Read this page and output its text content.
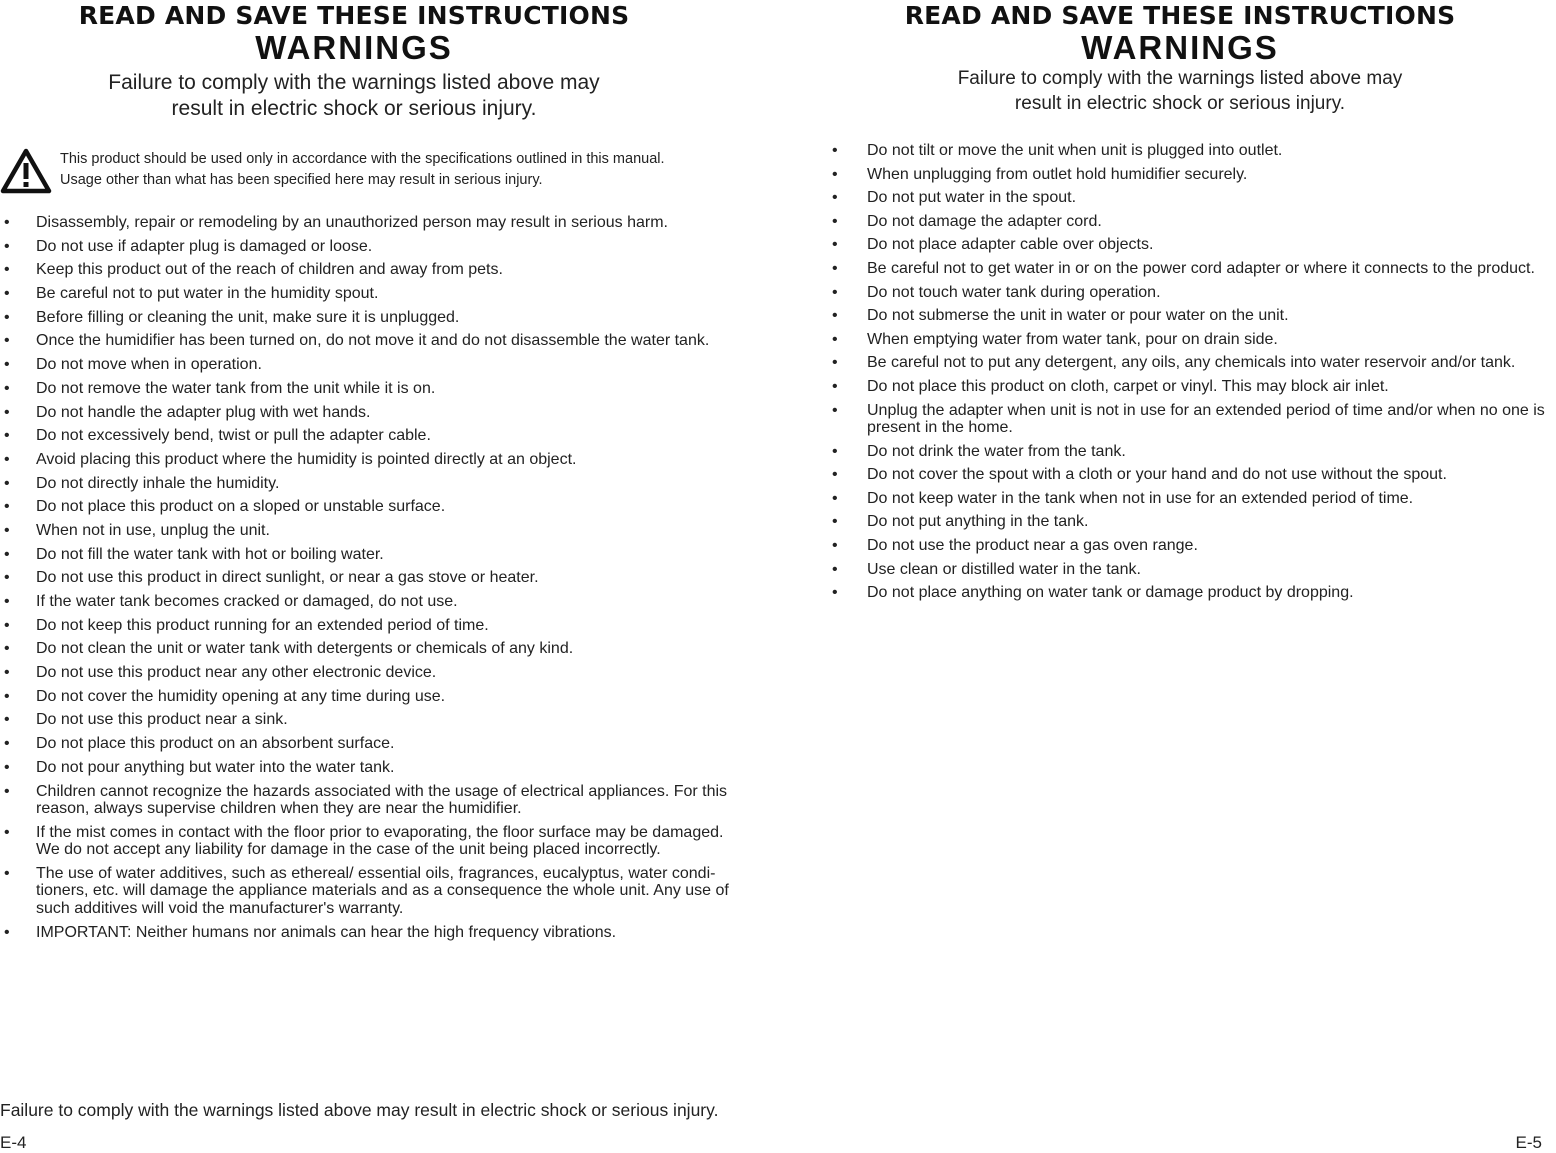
READ AND SAVE THESE INSTRUCTIONS
WARNINGS

Failure to comply with the warnings listed above may
result in electric shock or serious injury.

This product should be used only in accordance with the specifications outlined in this manual.
Usage other than what has been specified here may result in serious injury.

• Disassembly, repair or remodeling by an unauthorized person may result in serious harm.
• Do not use if adapter plug is damaged or loose.
• Keep this product out of the reach of children and away from pets.
• Be careful not to put water in the humidity spout.
• Before filling or cleaning the unit, make sure it is unplugged.
• Once the humidifier has been turned on, do not move it and do not disassemble the water tank.
• Do not move when in operation.
• Do not remove the water tank from the unit while it is on.
• Do not handle the adapter plug with wet hands.
• Do not excessively bend, twist or pull the adapter cable.
• Avoid placing this product where the humidity is pointed directly at an object.
• Do not directly inhale the humidity.
• Do not place this product on a sloped or unstable surface.
• When not in use, unplug the unit.
• Do not fill the water tank with hot or boiling water.
• Do not use this product in direct sunlight, or near a gas stove or heater.
• If the water tank becomes cracked or damaged, do not use.
• Do not keep this product running for an extended period of time.
• Do not clean the unit or water tank with detergents or chemicals of any kind.
• Do not use this product near any other electronic device.
• Do not cover the humidity opening at any time during use.
• Do not use this product near a sink.
• Do not place this product on an absorbent surface.
• Do not pour anything but water into the water tank.
• Children cannot recognize the hazards associated with the usage of electrical appliances. For this reason, always supervise children when they are near the humidifier.
• If the mist comes in contact with the floor prior to evaporating, the floor surface may be damaged. We do not accept any liability for damage in the case of the unit being placed incorrectly.
• The use of water additives, such as ethereal/ essential oils, fragrances, eucalyptus, water condi-tioners, etc. will damage the appliance materials and as a consequence the whole unit. Any use of such additives will void the manufacturer's warranty.
• IMPORTANT: Neither humans nor animals can hear the high frequency vibrations.

Failure to comply with the warnings listed above may result in electric shock or serious injury.

E-4

READ AND SAVE THESE INSTRUCTIONS
WARNINGS

Failure to comply with the warnings listed above may
result in electric shock or serious injury.

• Do not tilt or move the unit when unit is plugged into outlet.
• When unplugging from outlet hold humidifier securely.
• Do not put water in the spout.
• Do not damage the adapter cord.
• Do not place adapter cable over objects.
• Be careful not to get water in or on the power cord adapter or where it connects to the product.
• Do not touch water tank during operation.
• Do not submerse the unit in water or pour water on the unit.
• When emptying water from water tank, pour on drain side.
• Be careful not to put any detergent, any oils, any chemicals into water reservoir and/or tank.
• Do not place this product on cloth, carpet or vinyl. This may block air inlet.
• Unplug the adapter when unit is not in use for an extended period of time and/or when no one is present in the home.
• Do not drink the water from the tank.
• Do not cover the spout with a cloth or your hand and do not use without the spout.
• Do not keep water in the tank when not in use for an extended period of time.
• Do not put anything in the tank.
• Do not use the product near a gas oven range.
• Use clean or distilled water in the tank.
• Do not place anything on water tank or damage product by dropping.

E-5
